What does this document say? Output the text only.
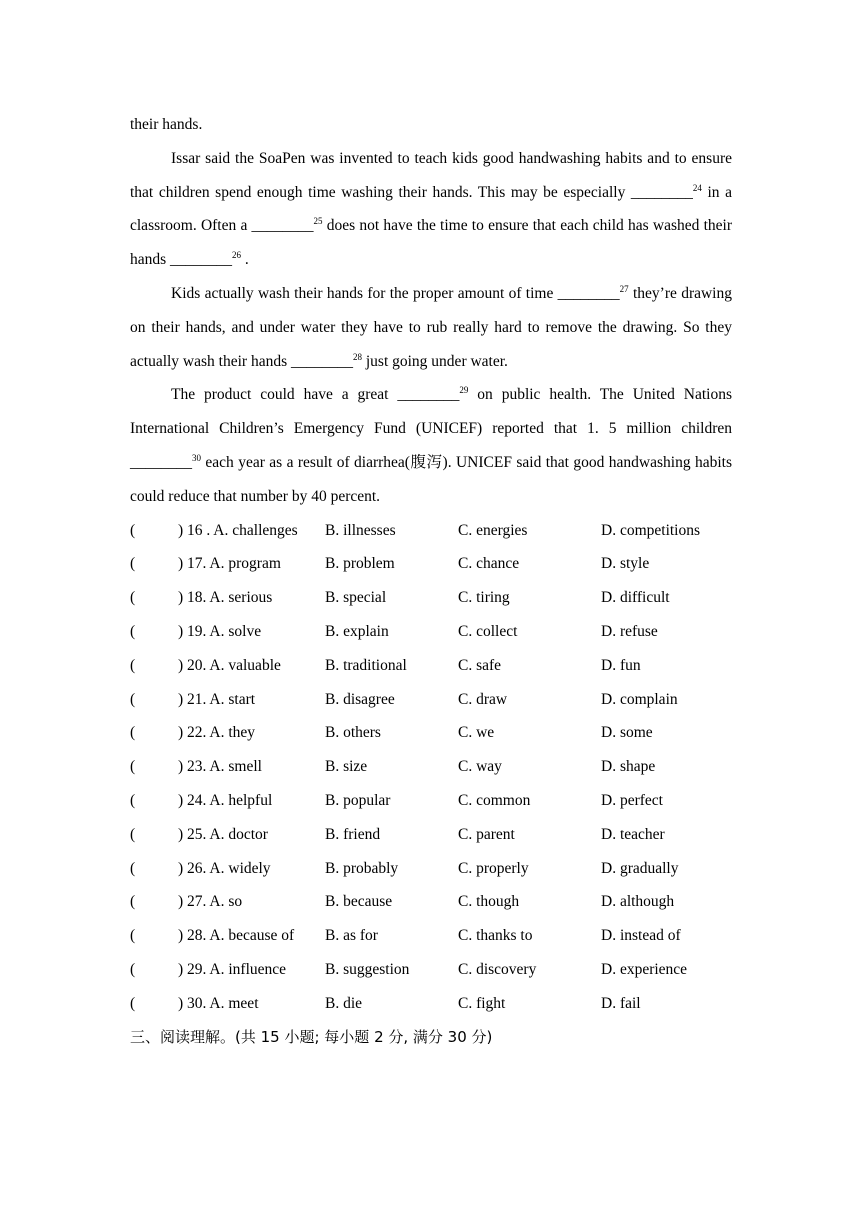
their hands.

Issar said the SoaPen was invented to teach kids good handwashing habits and to ensure that children spend enough time washing their hands. This may be especially ________$^{24}$ in a classroom. Often a ________$^{25}$ does not have the time to ensure that each child has washed their hands ________$^{26}$ .

Kids actually wash their hands for the proper amount of time ________$^{27}$ they’re drawing on their hands, and under water they have to rub really hard to remove the drawing. So they actually wash their hands ________$^{28}$ just going under water.

The product could have a great ________$^{29}$ on public health. The United Nations International Children’s Emergency Fund (UNICEF) reported that 1. 5 million children ________$^{30}$ each year as a result of diarrhea(腹泻). UNICEF said that good handwashing habits could reduce that number by 40 percent.

(	) 16 . A. challenges B. illnesses	C. energies	D. competitions
(	) 17. A. program	B. problem	C. chance	D. style
(	) 18. A. serious	B. special	C. tiring	D. difficult
(	) 19. A. solve	B. explain	C. collect	D. refuse
(	) 20. A. valuable	B. traditional	C. safe	D. fun
(	) 21. A. start	B. disagree	C. draw	D. complain
(	) 22. A. they	B. others	C. we	D. some
(	) 23. A. smell	B. size	C. way	D. shape
(	) 24. A. helpful	B. popular	C. common	D. perfect
(	) 25. A. doctor	B. friend	C. parent	D. teacher
(	) 26. A. widely	B. probably	C. properly	D. gradually
(	) 27. A. so	B. because	C. though	D. although
(	) 28. A. because of B. as for	C. thanks to	D. instead of
(	) 29. A. influence	B. suggestion	C. discovery	D. experience
(	) 30. A. meet	B. die	C. fight	D. fail
三、阅读理解。(共 15 小题; 每小题 2 分, 满分 30 分)
